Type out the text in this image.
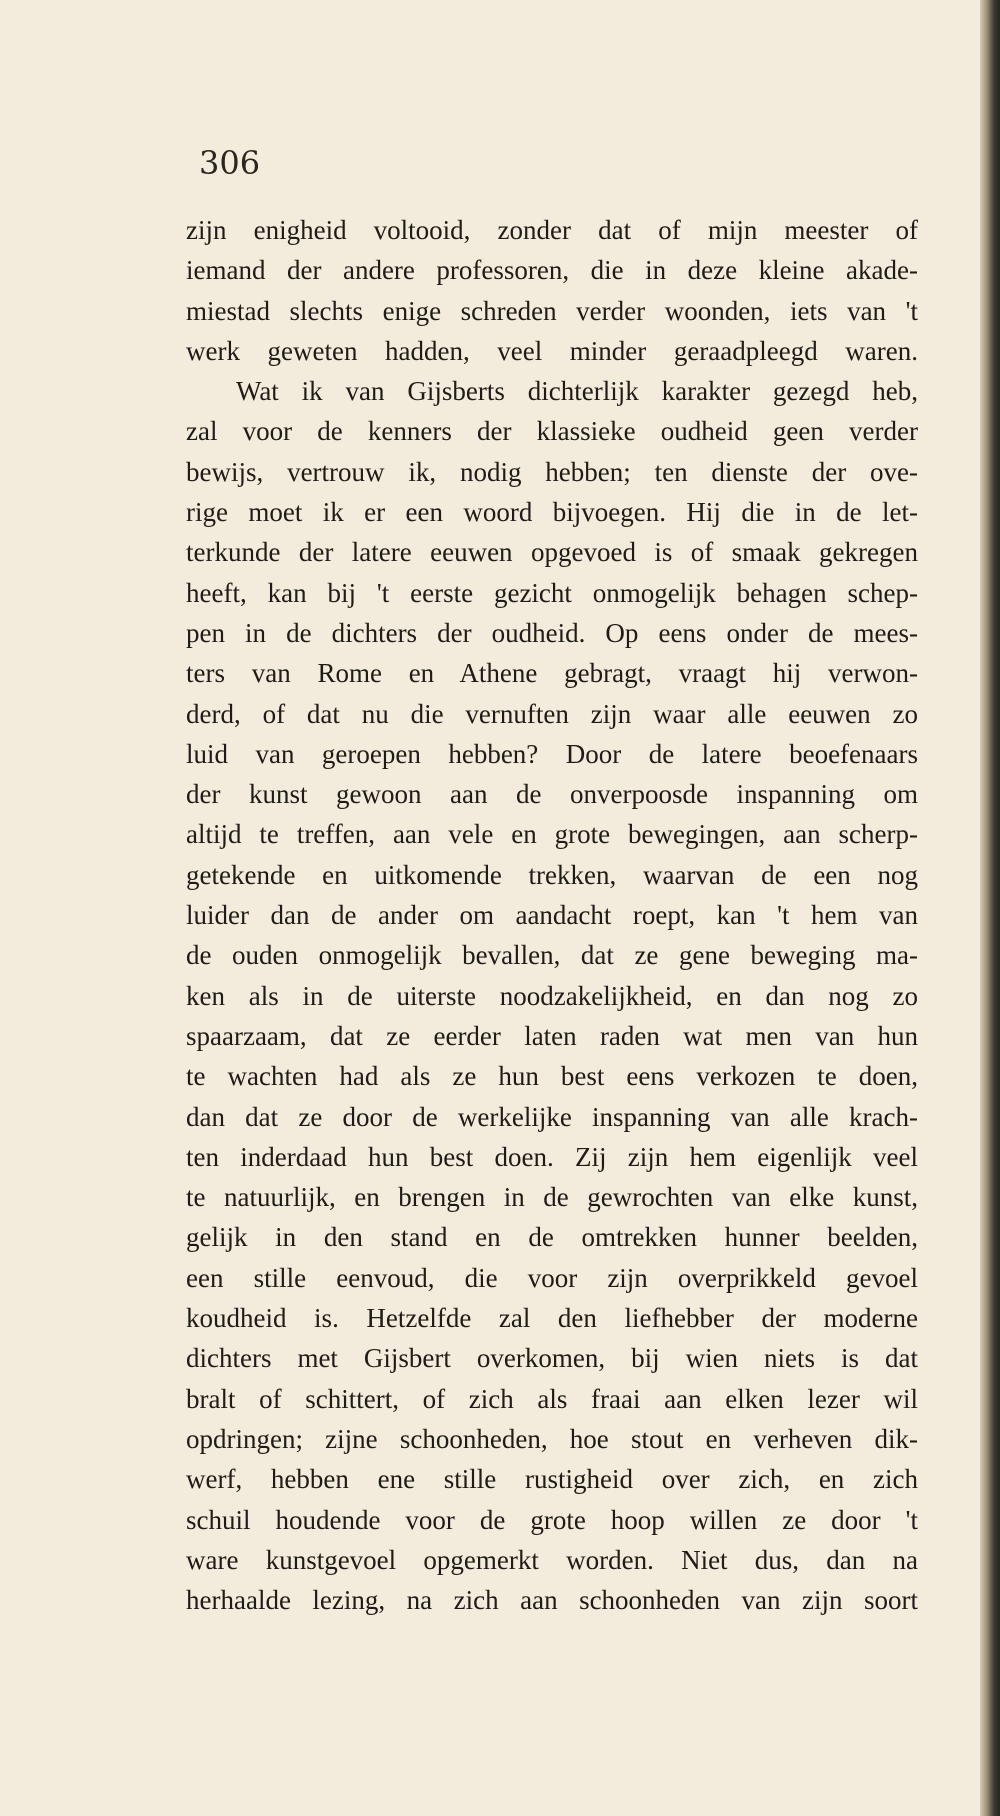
306

zijn enigheid voltooid, zonder dat of mijn meester of
iemand der andere professoren, die in deze kleine akade-
miestad slechts enige schreden verder woonden, iets van 't
werk geweten hadden, veel minder geraadpleegd waren.
Wat ik van Gijsberts dichterlijk karakter gezegd heb,
zal voor de kenners der klassieke oudheid geen verder
bewijs, vertrouw ik, nodig hebben; ten dienste der ove-
rige moet ik er een woord bijvoegen. Hij die in de let-
terkunde der latere eeuwen opgevoed is of smaak gekregen
heeft, kan bij 't eerste gezicht onmogelijk behagen schep-
pen in de dichters der oudheid. Op eens onder de mees-
ters van Rome en Athene gebragt, vraagt hij verwon-
derd, of dat nu die vernuften zijn waar alle eeuwen zo
luid van geroepen hebben? Door de latere beoefenaars
der kunst gewoon aan de onverpoosde inspanning om
altijd te treffen, aan vele en grote bewegingen, aan scherp-
getekende en uitkomende trekken, waarvan de een nog
luider dan de ander om aandacht roept, kan 't hem van
de ouden onmogelijk bevallen, dat ze gene beweging ma-
ken als in de uiterste noodzakelijkheid, en dan nog zo
spaarzaam, dat ze eerder laten raden wat men van hun
te wachten had als ze hun best eens verkozen te doen,
dan dat ze door de werkelijke inspanning van alle krach-
ten inderdaad hun best doen. Zij zijn hem eigenlijk veel
te natuurlijk, en brengen in de gewrochten van elke kunst,
gelijk in den stand en de omtrekken hunner beelden,
een stille eenvoud, die voor zijn overprikkeld gevoel
koudheid is. Hetzelfde zal den liefhebber der moderne
dichters met Gijsbert overkomen, bij wien niets is dat
bralt of schittert, of zich als fraai aan elken lezer wil
opdringen; zijne schoonheden, hoe stout en verheven dik-
werf, hebben ene stille rustigheid over zich, en zich
schuil houdende voor de grote hoop willen ze door 't
ware kunstgevoel opgemerkt worden. Niet dus, dan na
herhaalde lezing, na zich aan schoonheden van zijn soort
